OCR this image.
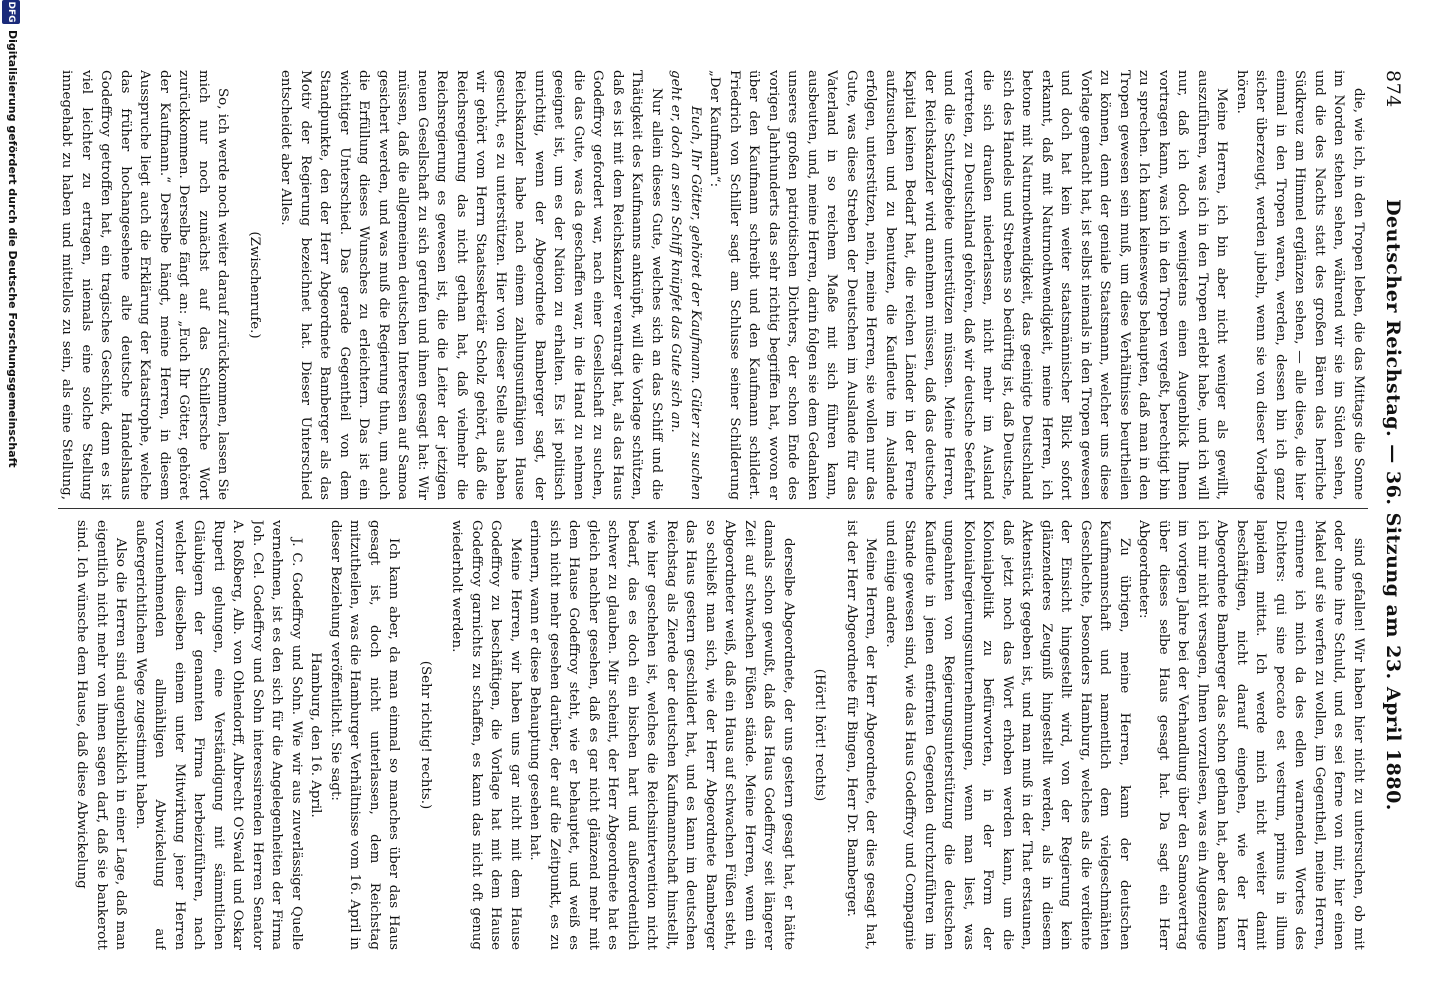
874
Deutscher Reichstag. — 36. Sitzung am 23. April 1880.

die, wie ich, in den Tropen leben, die das Mittags die Sonne im Norden stehen sehen, während wir sie im Süden sehen, und die des Nachts statt des großen Bären das herrliche Südkreuz am Himmel erglänzen sehen, — alle diese, die hier einmal in den Tropen waren, werden, dessen bin ich ganz sicher überzeugt, werden jubeln, wenn sie von dieser Vorlage hören.

Meine Herren, ich bin aber nicht weniger als gewillt, auszuführen, was ich in den Tropen erlebt habe, und ich will nur, daß ich doch wenigstens einen Augenblick Ihnen vortragen kann, was ich in den Tropen vergeßt, berechtigt bin zu sprechen. Ich kann keineswegs behaupten, daß man in den Tropen gewesen sein muß, um diese Verhältnisse beurtheilen zu können, denn der geniale Staatsmann, welcher uns diese Vorlage gemacht hat, ist selbst niemals in den Tropen gewesen und doch hat kein weiter staatsmännischer Blick sofort erkannt, daß mit Naturnothwendigkeit, meine Herren, ich betone mit Naturnothwendigkeit, das geeinigte Deutschland sich des Handels und Strebens so bedürftig ist, daß Deutsche, die sich draußen niederlassen, nicht mehr im Ausland vertreten, zu Deutschland gehören, daß wir deutsche Seefahrt und die Schutzgebiete unterstützen müssen. Meine Herren, der Reichskanzler wird annehmen müssen, daß das deutsche Kapital keinen Bedarf hat, die reichen Länder in der Ferne aufzusuchen und zu benutzen, die Kaufleute im Auslande erfolgen, unterstützen, nein, meine Herren, sie wollen nur das Gute, was diese Streben der Deutschen im Auslande für das Vaterland in so reichem Maße mit sich führen kann, ausbeuten, und, meine Herren, darin folgen sie dem Gedanken unseres großen patriotischen Dichters, der schon Ende des vorigen Jahrhunderts das sehr richtig begriffen hat, wovon er über den Kaufmann schreibt und den Kaufmann schildert. Friedrich von Schiller sagt am Schlusse seiner Schilderung „Der Kaufmann“:

Euch, Ihr Götter, gehöret der Kaufmann. Güter zu suchen geht er, doch an sein Schiff knüpfet das Gute sich an.

Nur allein dieses Gute, welches sich an das Schiff und die Thätigkeit des Kaufmanns anknüpft, will die Vorlage schützen, daß es ist mit dem Reichskanzler verantragt hat, als das Haus Godeffroy gefordert war, nach einer Gesellschaft zu suchen, die das Gute, was da geschaffen war, in die Hand zu nehmen geeignet ist, um es der Nation zu erhalten. Es ist politisch unrichtig, wenn der Abgeordnete Bamberger sagt, der Reichskanzler habe nach einem zahlungsunfähigen Hause gesucht, es zu unterstützen. Hier von dieser Stelle aus haben wir gehört vom Herrn Staatssekretär Scholz gehört, daß die Reichsregierung das nicht gethan hat, daß vielmehr die Reichsregierung es gewesen ist, die die Leiter der jetzigen neuen Gesellschaft zu sich gerufen und ihnen gesagt hat: Wir müssen, daß die allgemeinen deutschen Interessen auf Samoa gesichert werden, und was muß die Regierung thun, um auch die Erfüllung dieses Wunsches zu erleichtern. Das ist ein wichtiger Unterschied. Das gerade Gegentheil von dem Standpunkte, den der Herr Abgeordnete Bamberger als das Motiv der Regierung bezeichnet hat. Dieser Unterschied entscheidet aber Alles.

(Zwischenrufe.)

So, ich werde noch weiter darauf zurückkommen, lassen Sie mich nur noch zunächst auf das Schillersche Wort zurückkommen. Derselbe fängt an: „Euch Ihr Götter, gehöret der Kaufmann.“ Derselbe hängt, meine Herren, in diesem Ausspruche liegt auch die Erklärung der Katastrophe, welche das früher hochangesehene alte deutsche Handelshaus Godeffroy getroffen hat, ein tragisches Geschick, denn es ist viel leichter zu ertragen, niemals eine solche Stellung innegehabt zu haben und mittellos zu sein, als eine Stellung,

sind gefallen! Wir haben hier nicht zu untersuchen, ob mit oder ohne ihre Schuld, und es sei ferne von mir, hier einen Makel auf sie werfen zu wollen, im Gegentheil, meine Herren, erinnere ich mich da des edlen warnenden Wortes des Dichters: qui sine peccato est vestrum, primus in illum lapidem mittat. Ich werde mich nicht weiter damit beschäftigen, nicht darauf eingehen, wie der Herr Abgeordnete Bamberger das schon gethan hat, aber das kann ich mir nicht versagen, Ihnen vorzulesen, was ein Augenzeuge im vorigen Jahre bei der Verhandlung über den Samoavertrag über dieses selbe Haus gesagt hat. Da sagt ein Herr Abgeordneter:

Zu übrigen, meine Herren, kann der deutschen Kaufmannschaft und namentlich dem vielgeschmähten Geschlechte, besonders Hamburg, welches als die verdiente der Einsicht hingestellt wird, von der Regierung kein glänzenderes Zeugniß hingestellt werden, als in diesem Aktenstück gegeben ist, und man muß in der That erstaunen, daß jetzt noch das Wort erhoben werden kann, um die Kolonialpolitik zu befürworten, in der Form der Kolonialregierungsunternehmungen, wenn man liest, was ungeahnten von Regierungsunterstützung die deutschen Kaufleute in jenen entfernten Gegenden durchzuführen im Stande gewesen sind, wie das Haus Godeffroy und Compagnie und einige andere.

Meine Herren, der Herr Abgeordnete, der dies gesagt hat, ist der Herr Abgeordnete für Bingen, Herr Dr. Bamberger.

(Hört! hört! rechts)

derselbe Abgeordnete, der uns gestern gesagt hat, er hätte damals schon gewußt, daß das Haus Godeffroy seit längerer Zeit auf schwachen Füßen stände. Meine Herren, wenn ein Abgeordneter weiß, daß ein Haus auf schwachen Füßen steht, so schließt man sich, wie der Herr Abgeordnete Bamberger das Haus gestern geschildert hat, und es kann im deutschen Reichstag als Zierde der deutschen Kaufmannschaft hinstellt, wie hier geschehen ist, welches die Reichsintervention nicht bedarf, das es doch ein bischen hart und außerordentlich schwer zu glauben. Mir scheint, der Herr Abgeordnete hat es gleich nachher gesehen, daß es gar nicht glänzend mehr mit dem Hause Godeffroy steht, wie er behauptet, und weiß es sich nicht mehr gesehen darüber, der auf die Zeitpunkt, es zu erinnern, wann er diese Behauptung gesehen hat.

Meine Herren, wir haben uns gar nicht mit dem Hause Godeffroy zu beschäftigen, die Vorlage hat mit dem Hause Godeffroy garnichts zu schaffen, es kann das nicht oft genug wiederholt werden.

(Sehr richtig! rechts.)

Ich kann aber, da man einmal so manches über das Haus gesagt ist, doch nicht unterlassen, dem Reichstag mitzutheilen, was die Hamburger Verhältnisse vom 16. April in dieser Beziehung veröffentlicht. Sie sagt:

Hamburg, den 16. April.

J. C. Godeffroy und Sohn. Wie wir aus zuverlässiger Quelle vernehmen, ist es den sich für die Angelegenheiten der Firma Joh. Cel. Godeffroy und Sohn interessirenden Herren Senator A. Roßberg, Alb. von Ohlendorff, Albrecht O'Swald und Oskar Ruperti gelungen, eine Verständigung mit sämmtlichen Gläubigern der genannten Firma herbeizuführen, nach welcher dieselben einem unter Mitwirkung jener Herren vorzunehmenden allmähligen Abwickelung auf außergerichtlichem Wege zugestimmt haben.

Also die Herren sind augenblicklich in einer Lage, daß man eigentlich nicht mehr von ihnen sagen darf, daß sie bankerott sind. Ich wünsche dem Hause, daß diese Abwickelung

DFG
Digitalisierung gefördert durch die Deutsche Forschungsgemeinschaft
